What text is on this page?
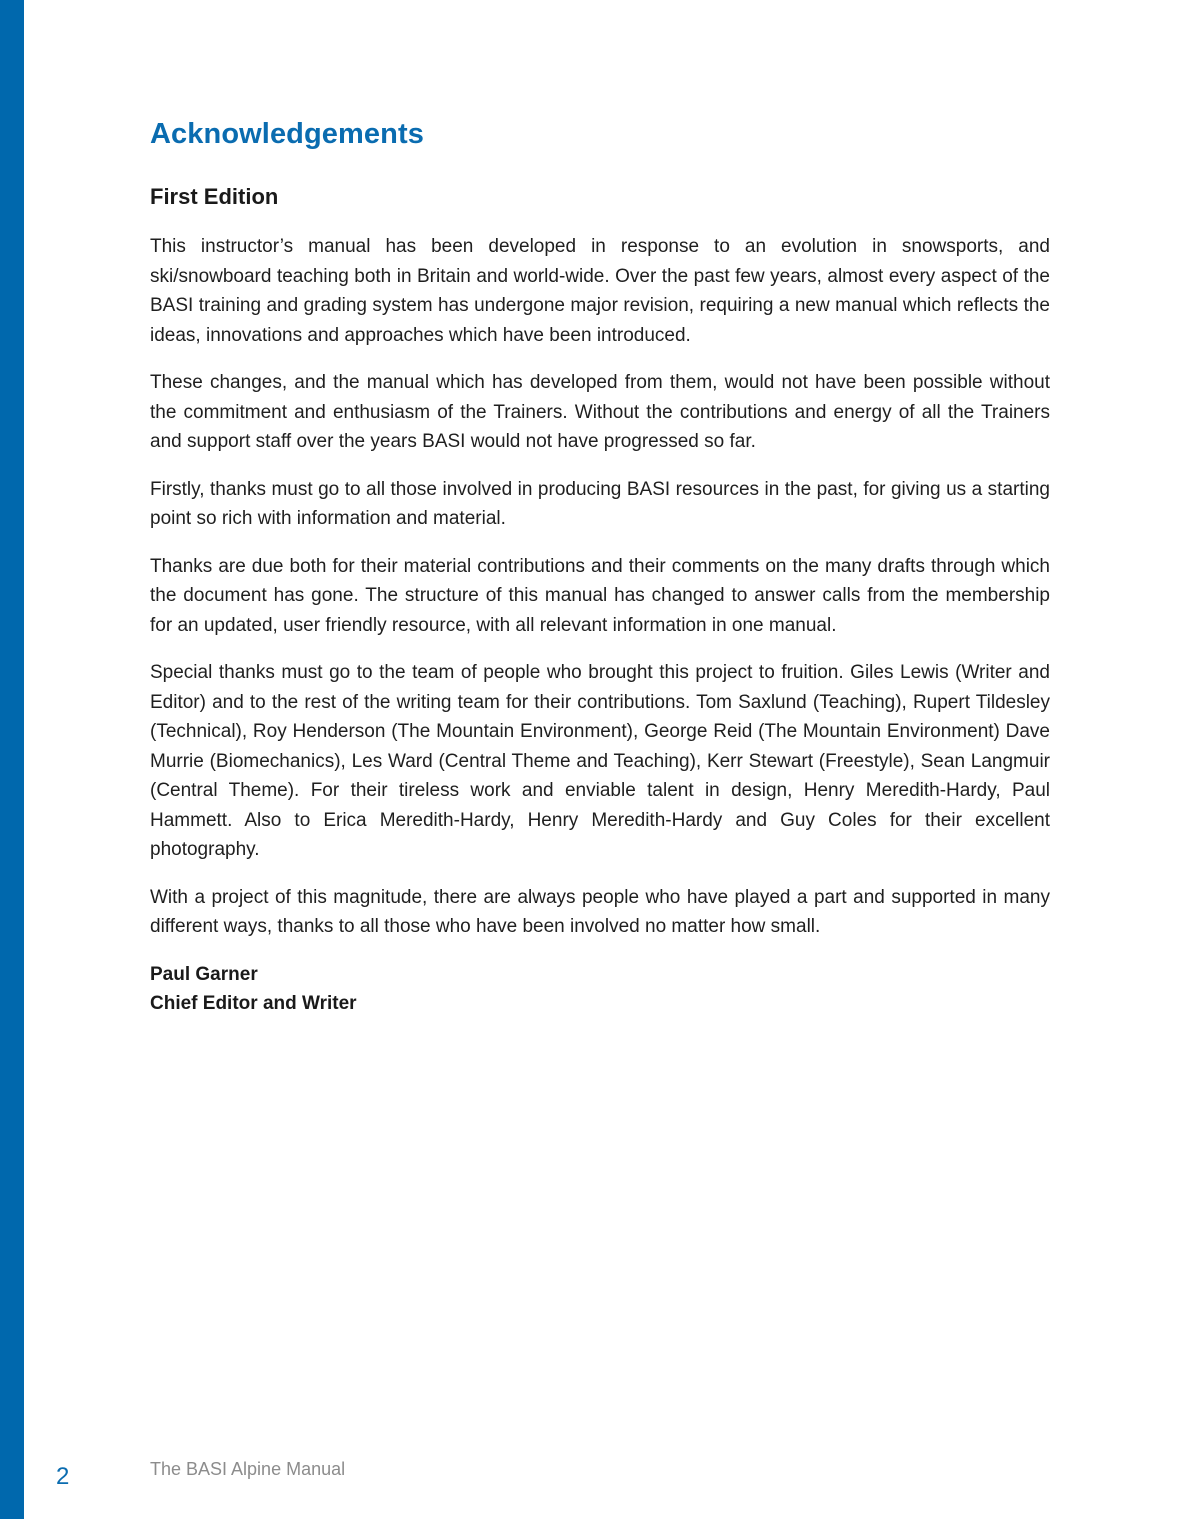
Acknowledgements
First Edition

This instructor’s manual has been developed in response to an evolution in snowsports, and ski/snowboard teaching both in Britain and world-wide. Over the past few years, almost every aspect of the BASI training and grading system has undergone major revision, requiring a new manual which reflects the ideas, innovations and approaches which have been introduced.

These changes, and the manual which has developed from them, would not have been possible without the commitment and enthusiasm of the Trainers. Without the contributions and energy of all the Trainers and support staff over the years BASI would not have progressed so far.

Firstly, thanks must go to all those involved in producing BASI resources in the past, for giving us a starting point so rich with information and material.

Thanks are due both for their material contributions and their comments on the many drafts through which the document has gone. The structure of this manual has changed to answer calls from the membership for an updated, user friendly resource, with all relevant information in one manual.

Special thanks must go to the team of people who brought this project to fruition. Giles Lewis (Writer and Editor) and to the rest of the writing team for their contributions. Tom Saxlund (Teaching), Rupert Tildesley (Technical), Roy Henderson (The Mountain Environment), George Reid (The Mountain Environment) Dave Murrie (Biomechanics), Les Ward (Central Theme and Teaching), Kerr Stewart (Freestyle), Sean Langmuir (Central Theme). For their tireless work and enviable talent in design, Henry Meredith-Hardy, Paul Hammett. Also to Erica Meredith-Hardy, Henry Meredith-Hardy and Guy Coles for their excellent photography.

With a project of this magnitude, there are always people who have played a part and supported in many different ways, thanks to all those who have been involved no matter how small.

Paul Garner
Chief Editor and Writer
2	The BASI Alpine Manual
